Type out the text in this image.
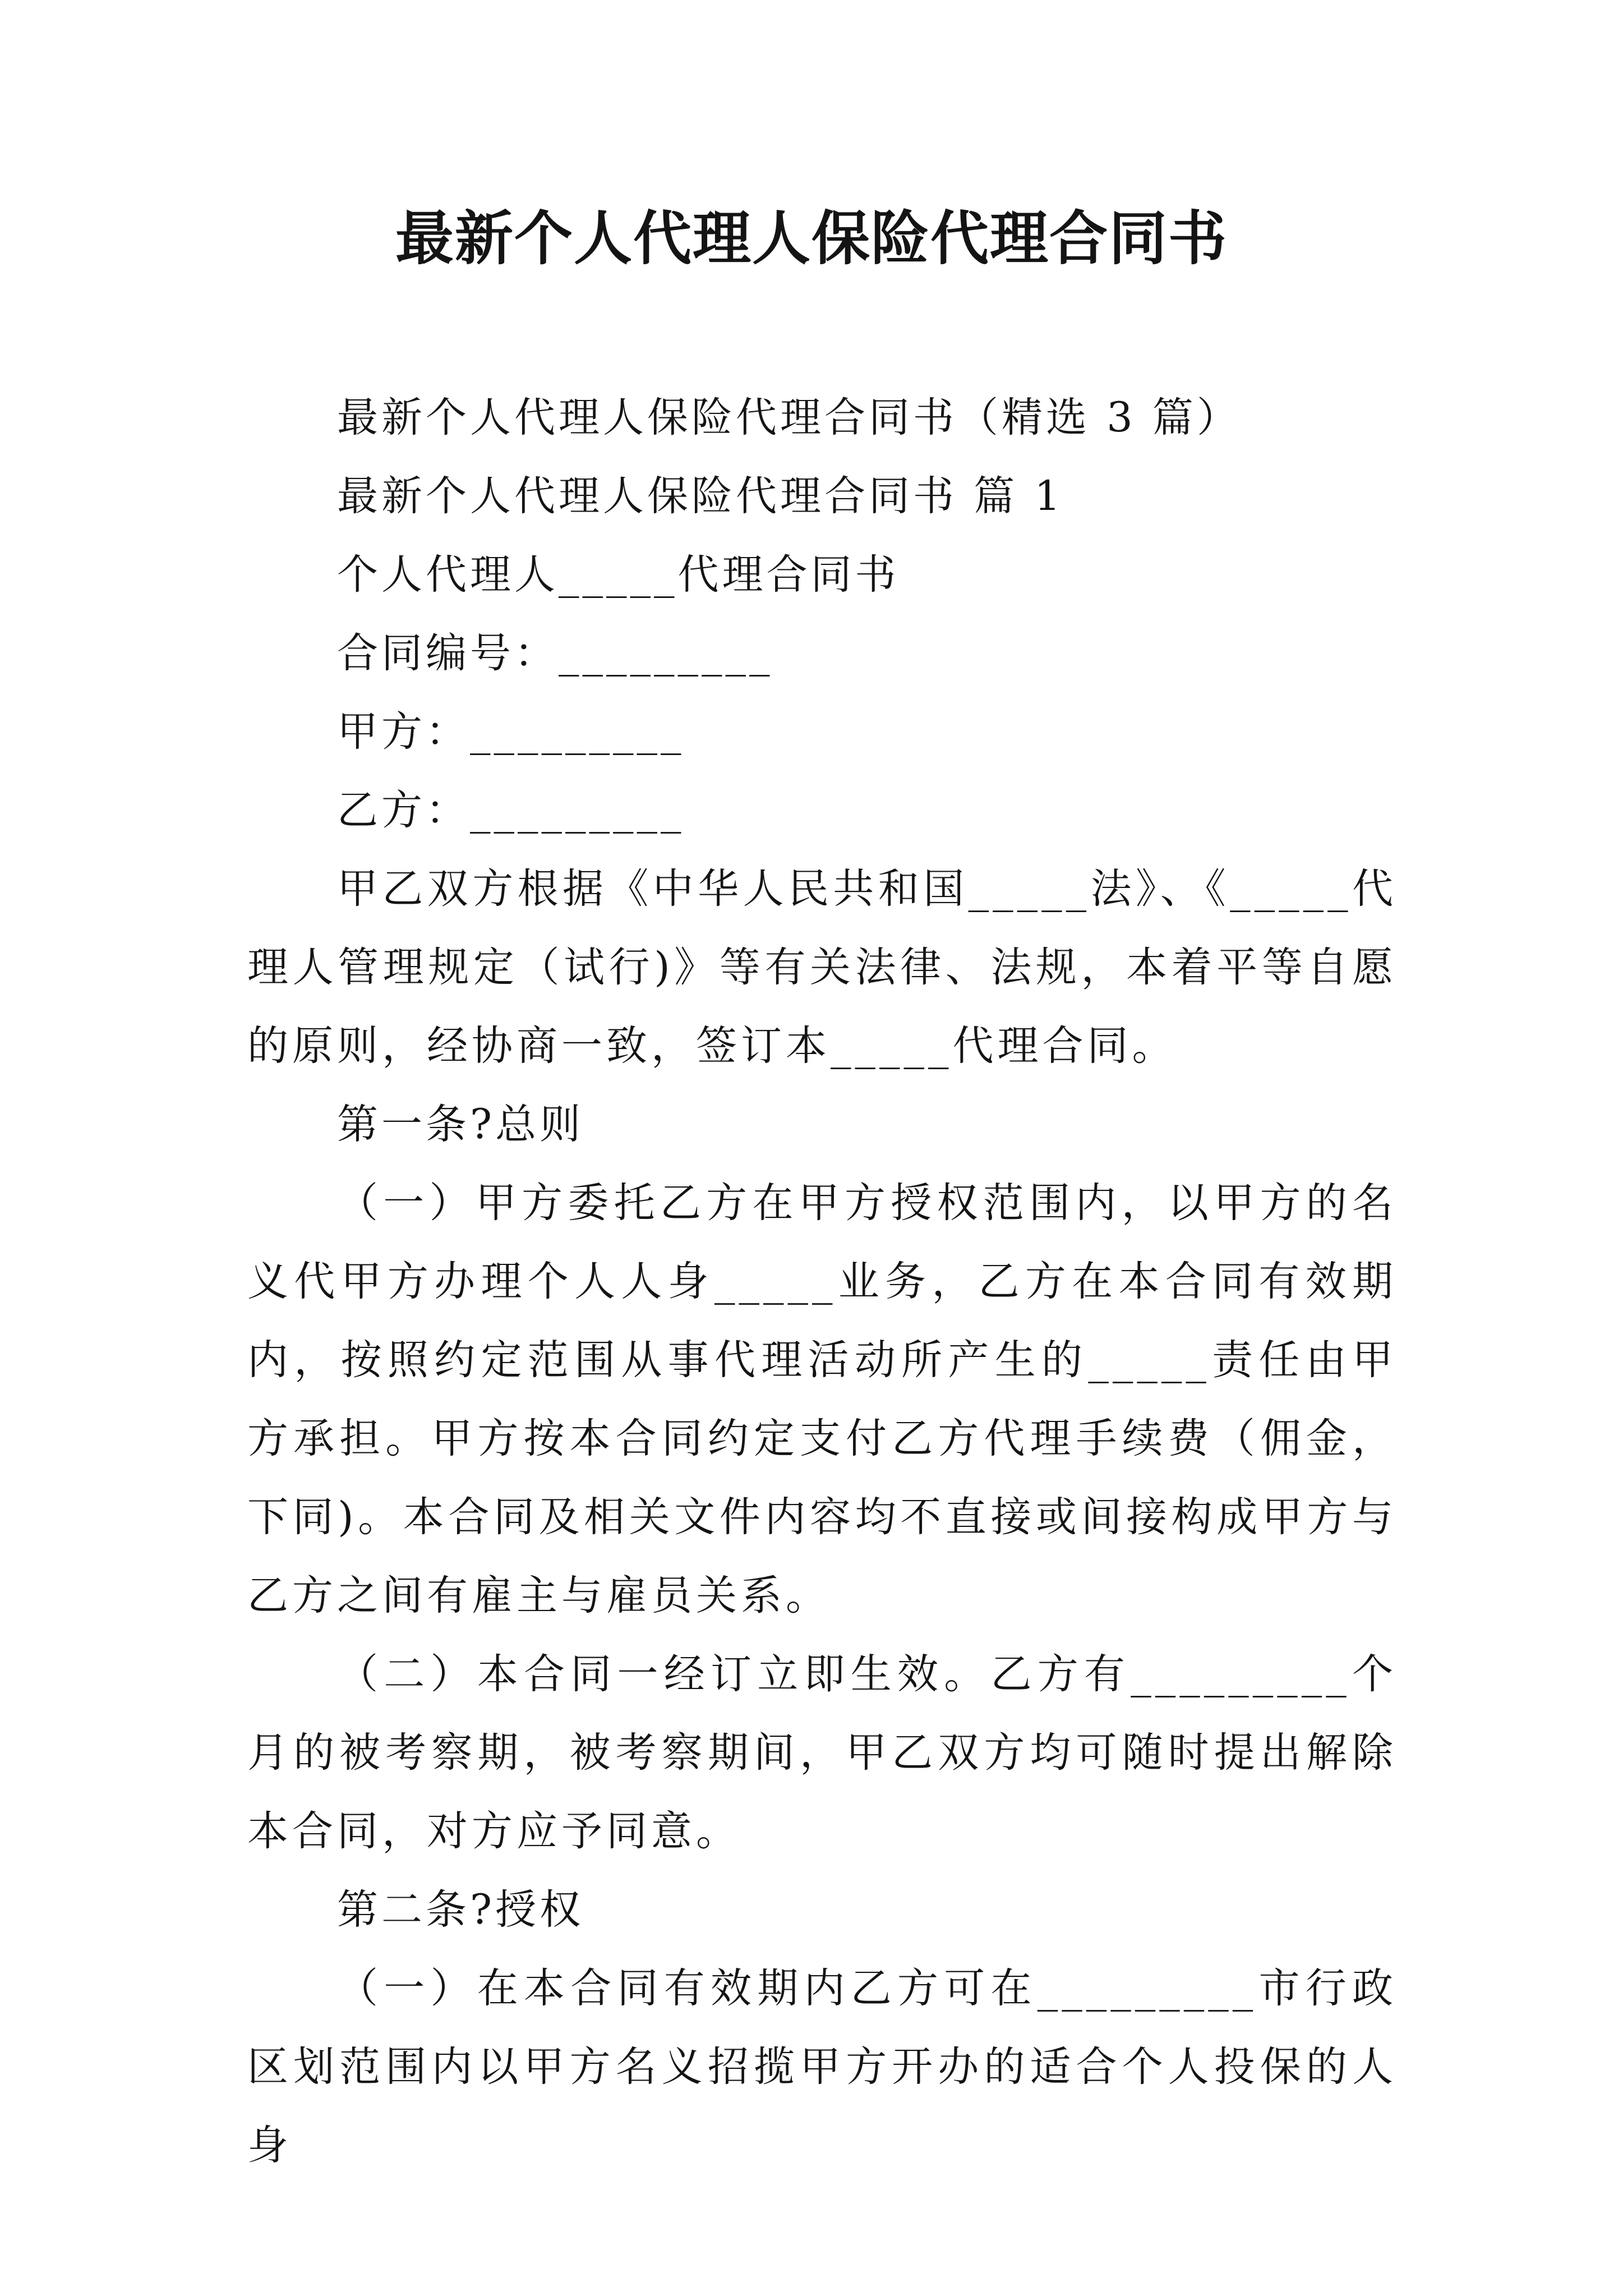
最新个人代理人保险代理合同书

最新个人代理人保险代理合同书（精选 3 篇）

最新个人代理人保险代理合同书 篇 1

个人代理人_____代理合同书

合同编号：_________

甲方：_________

乙方：_________

甲乙双方根据《中华人民共和国_____法》、《_____代理人管理规定（试行)》等有关法律、法规，本着平等自愿的原则，经协商一致，签订本_____代理合同。

第一条?总则

（一）甲方委托乙方在甲方授权范围内，以甲方的名义代甲方办理个人人身_____业务，乙方在本合同有效期内，按照约定范围从事代理活动所产生的_____责任由甲方承担。甲方按本合同约定支付乙方代理手续费（佣金，下同)。本合同及相关文件内容均不直接或间接构成甲方与乙方之间有雇主与雇员关系。

（二）本合同一经订立即生效。乙方有_________个月的被考察期，被考察期间，甲乙双方均可随时提出解除本合同，对方应予同意。

第二条?授权

（一）在本合同有效期内乙方可在_________市行政区划范围内以甲方名义招揽甲方开办的适合个人投保的人身
